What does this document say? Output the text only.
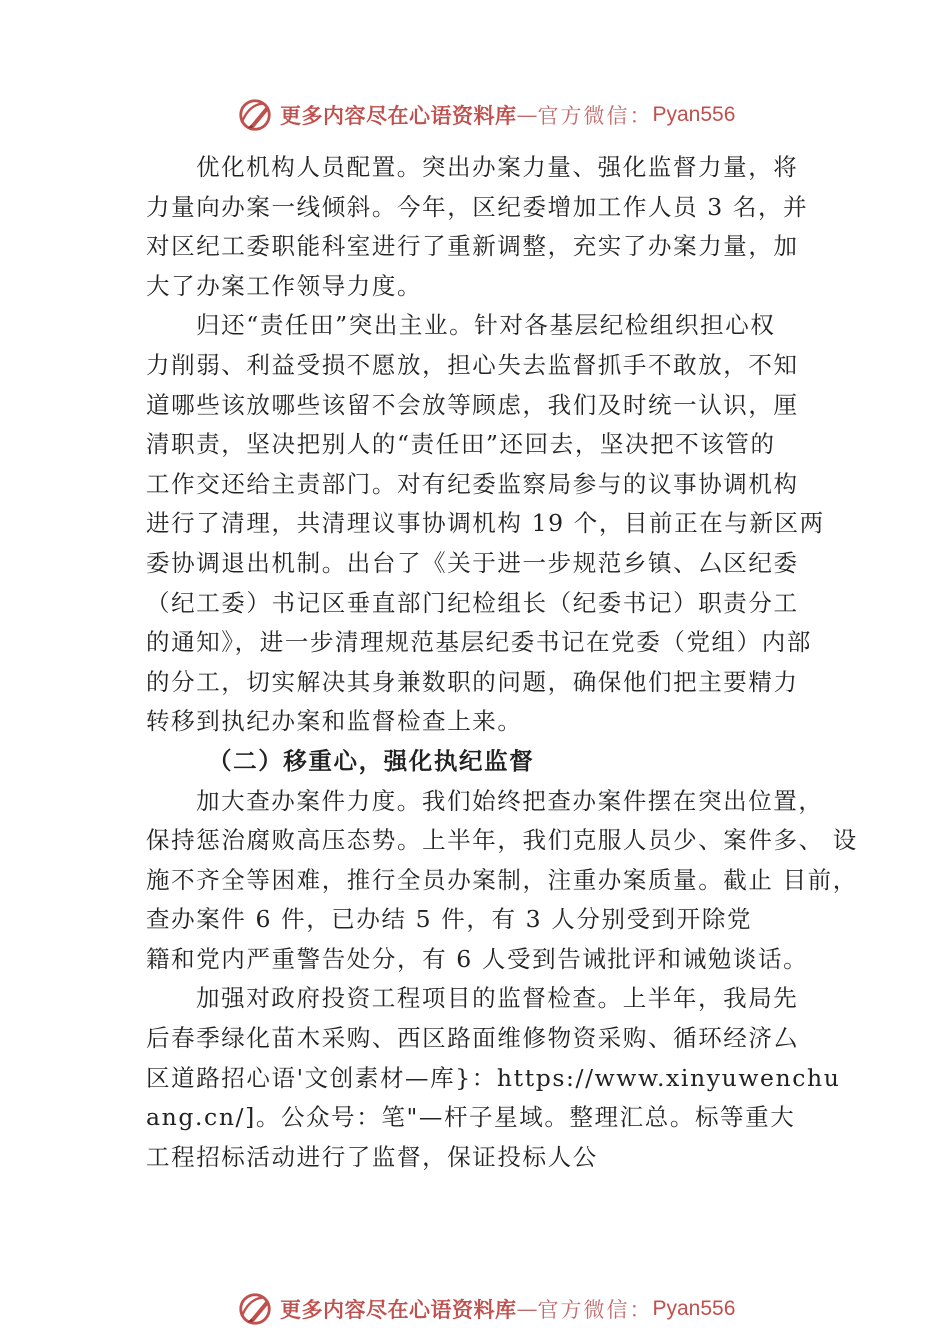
更多内容尽在心语资料库 — 官方微信： Pyan556
优化机构人员配置。突出办案力量、强化监督力量，将
力量向办案一线倾斜。今年，区纪委增加工作人员 3 名，并
对区纪工委职能科室进行了重新调整，充实了办案力量，加
大了办案工作领导力度。
归还“责任田”突出主业。针对各基层纪检组织担心权
力削弱、利益受损不愿放，担心失去监督抓手不敢放，不知
道哪些该放哪些该留不会放等顾虑，我们及时统一认识，厘
清职责，坚决把别人的“责任田”还回去，坚决把不该管的
工作交还给主责部门。对有纪委监察局参与的议事协调机构
进行了清理，共清理议事协调机构 19 个，目前正在与新区两
委协调退出机制。出台了《关于进一步规范乡镇、厶区纪委
（纪工委）书记区垂直部门纪检组长（纪委书记）职责分工
的通知》，进一步清理规范基层纪委书记在党委（党组）内部
的分工，切实解决其身兼数职的问题，确保他们把主要精力
转移到执纪办案和监督检查上来。
（二）移重心，强化执纪监督
加大查办案件力度。我们始终把查办案件摆在突出位置，
保持惩治腐败高压态势。上半年，我们克服人员少、案件多、 设
施不齐全等困难，推行全员办案制，注重办案质量。截止 目前，
查办案件 6 件，已办结 5 件，有 3 人分别受到开除党
籍和党内严重警告处分，有 6 人受到告诫批评和诫勉谈话。
加强对政府投资工程项目的监督检查。上半年，我局先
后春季绿化苗木采购、西区路面维修物资采购、循环经济厶
区道路招心语'文创素材—库}：https://www.xinyuwenchu
ang.cn/]。公众号：笔"—杆子星域。整理汇总。标等重大
工程招标活动进行了监督，保证投标人公
更多内容尽在心语资料库 — 官方微信： Pyan556
